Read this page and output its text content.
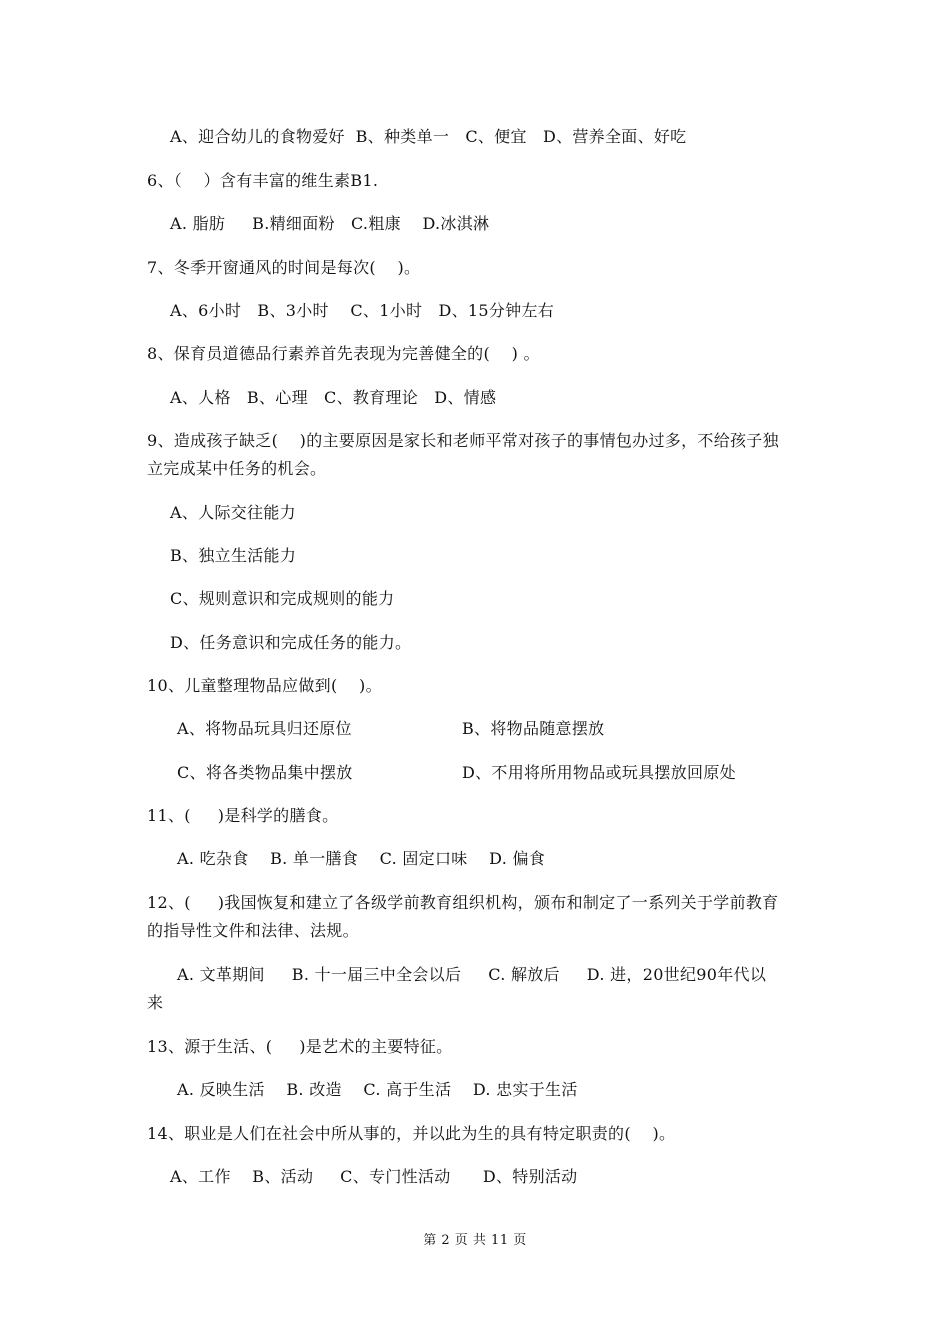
A、迎合幼儿的食物爱好  B、种类单一   C、便宜   D、营养全面、好吃
6、（    ）含有丰富的维生素B1.
A. 脂肪     B.精细面粉   C.粗康    D.冰淇淋
7、冬季开窗通风的时间是每次(    )。
A、6小时   B、3小时    C、1小时   D、15分钟左右
8、保育员道德品行素养首先表现为完善健全的(    ) 。
A、人格   B、心理   C、教育理论   D、情感
9、造成孩子缺乏(    )的主要原因是家长和老师平常对孩子的事情包办过多，不给孩子独
立完成某中任务的机会。
A、人际交往能力
B、独立生活能力
C、规则意识和完成规则的能力
D、任务意识和完成任务的能力。
10、儿童整理物品应做到(    )。
A、将物品玩具归还原位	B、将物品随意摆放
C、将各类物品集中摆放	D、不用将所用物品或玩具摆放回原处
11、(     )是科学的膳食。
A. 吃杂食    B. 单一膳食    C. 固定口味    D. 偏食
12、(     )我国恢复和建立了各级学前教育组织机构，颁布和制定了一系列关于学前教育
的指导性文件和法律、法规。
A. 文革期间     B. 十一届三中全会以后     C. 解放后     D. 进，20世纪90年代以
来
13、源于生活、(     )是艺术的主要特征。
A. 反映生活    B. 改造    C. 高于生活    D. 忠实于生活
14、职业是人们在社会中所从事的，并以此为生的具有特定职责的(    )。
A、工作    B、活动     C、专门性活动      D、特别活动
第 2 页 共 11 页
